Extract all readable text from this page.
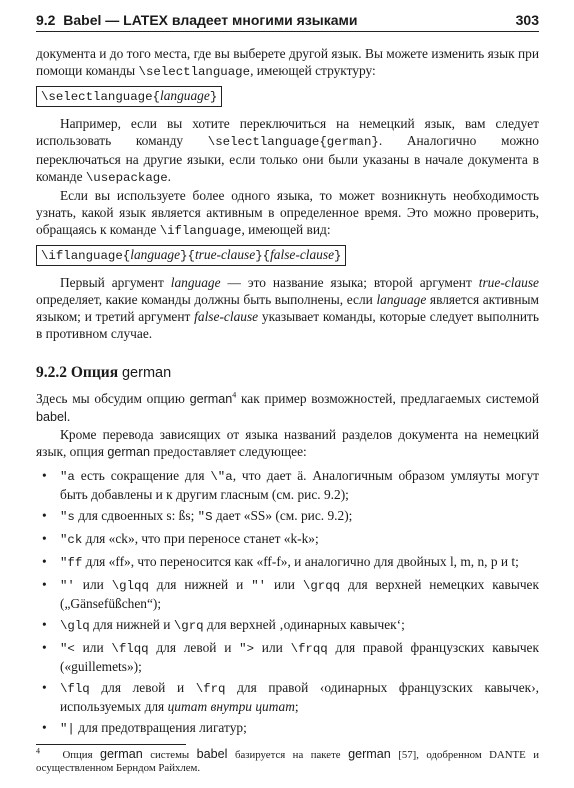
9.2 Babel — LATEX владеет многими языками	303

документа и до того места, где вы выберете другой язык. Вы можете изменить язык при помощи команды \selectlanguage, имеющей структуру:

\selectlanguage{language}

Например, если вы хотите переключиться на немецкий язык, вам следует использовать команду \selectlanguage{german}. Аналогично можно переключаться на другие языки, если только они были указаны в начале документа в команде \usepackage.

Если вы используете более одного языка, то может возникнуть необходимость узнать, какой язык является активным в определенное время. Это можно проверить, обращаясь к команде \iflanguage, имеющей вид:

\iflanguage{language}{true-clause}{false-clause}

Первый аргумент language — это название языка; второй аргумент true-clause определяет, какие команды должны быть выполнены, если language является активным языком; и третий аргумент false-clause указывает команды, которые следует выполнить в противном случае.

9.2.2 Опция german

Здесь мы обсудим опцию german$^4$ как пример возможностей, предлагаемых системой babel.

Кроме перевода зависящих от языка названий разделов документа на немецкий язык, опция german предоставляет следующее:

• "a есть сокращение для \"a, что дает ä. Аналогичным образом умляуты могут быть добавлены и к другим гласным (см. рис. 9.2);
• "s для сдвоенных s: ßs; "S дает «SS» (см. рис. 9.2);
• "ck для «ck», что при переносе станет «k-k»;
• "ff для «ff», что переносится как «ff-f», и аналогично для двойных l, m, n, p и t;
• "' или \glqq для нижней и "' или \grqq для верхней немецких кавычек („Gänsefüßchen“);
• \glq для нижней и \grq для верхней ‚одинарных кавычек‘;
• "< или \flqq для левой и "> или \frqq для правой французских кавычек («guillemets»);
• \flq для левой и \frq для правой ‹одинарных французских кавычек›, используемых для цитат внутри цитат;
• "| для предотвращения лигатур;

$^4$ Опция german системы babel базируется на пакете german [57], одобренном DANTE и осуществленном Берндом Райхлем.
